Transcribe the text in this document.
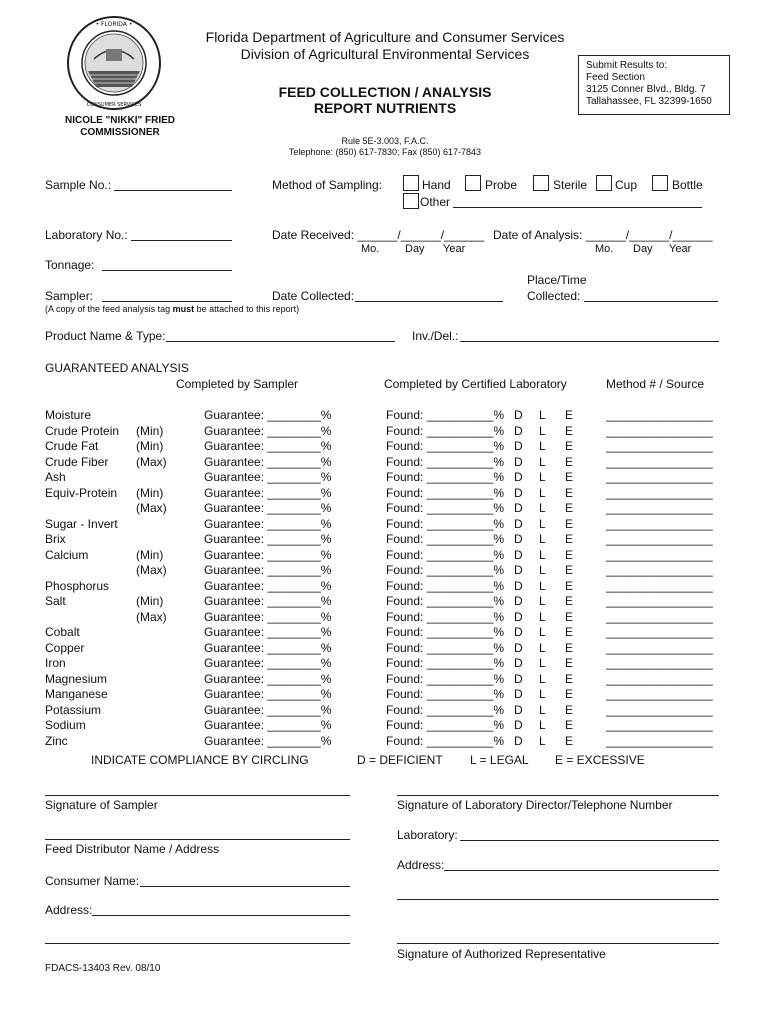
• FLORIDA •
CONSUMER SERVICES
Florida Department of Agriculture and Consumer Services
Division of Agricultural Environmental Services
FEED COLLECTION / ANALYSIS
REPORT NUTRIENTS
NICOLE "NIKKI" FRIED
COMMISSIONER
Rule 5E-3.003, F.A.C.
Telephone: (850) 617-7830; Fax (850) 617-7843
Submit Results to:
Feed Section
3125 Conner Blvd., Bldg. 7
Tallahassee, FL 32399-1650
Sample No.:	Method of Sampling:	Hand	Probe	Sterile Cup	Bottle
Other
Laboratory No.:	Date Received: ______/______/______ Date of Analysis: ______/______/______
Mo. Day Year	Mo. Day Year
Tonnage:
Place/Time
Sampler:	Date Collected:	Collected:
(A copy of the feed analysis tag must be attached to this report)
Product Name & Type:	Inv./Del.:
GUARANTEED ANALYSIS
Completed by Sampler	Completed by Certified Laboratory	Method # / Source
Moisture	Guarantee: ________%	Found: __________% D L E	________________
Crude Protein (Min)	Guarantee: ________%	Found: __________% D L E	________________
Crude Fat	(Min)	Guarantee: ________%	Found: __________% D L E	________________
Crude Fiber (Max)	Guarantee: ________%	Found: __________% D L E	________________
Ash	Guarantee: ________%	Found: __________% D L E	________________
Equiv-Protein (Min)	Guarantee: ________%	Found: __________% D L E	________________
(Max)	Guarantee: ________%	Found: __________% D L E	________________
Sugar - Invert	Guarantee: ________%	Found: __________% D L E	________________
Brix	Guarantee: ________%	Found: __________% D L E	________________
Calcium	(Min)	Guarantee: ________%	Found: __________% D L E	________________
(Max)	Guarantee: ________%	Found: __________% D L E	________________
Phosphorus	Guarantee: ________%	Found: __________% D L E	________________
Salt	(Min)	Guarantee: ________%	Found: __________% D L E	________________
(Max)	Guarantee: ________%	Found: __________% D L E	________________
Cobalt	Guarantee: ________%	Found: __________% D L E	________________
Copper	Guarantee: ________%	Found: __________% D L E	________________
Iron	Guarantee: ________%	Found: __________% D L E	________________
Magnesium	Guarantee: ________%	Found: __________% D L E	________________
Manganese	Guarantee: ________%	Found: __________% D L E	________________
Potassium	Guarantee: ________%	Found: __________% D L E	________________
Sodium	Guarantee: ________%	Found: __________% D L E	________________
Zinc	Guarantee: ________%	Found: __________% D L E	________________
INDICATE COMPLIANCE BY CIRCLING	D = DEFICIENT L = LEGAL E = EXCESSIVE
Signature of Sampler	Signature of Laboratory Director/Telephone Number
Laboratory:
Feed Distributor Name / Address
Address:
Consumer Name:
Address:
Signature of Authorized Representative
FDACS-13403 Rev. 08/10
